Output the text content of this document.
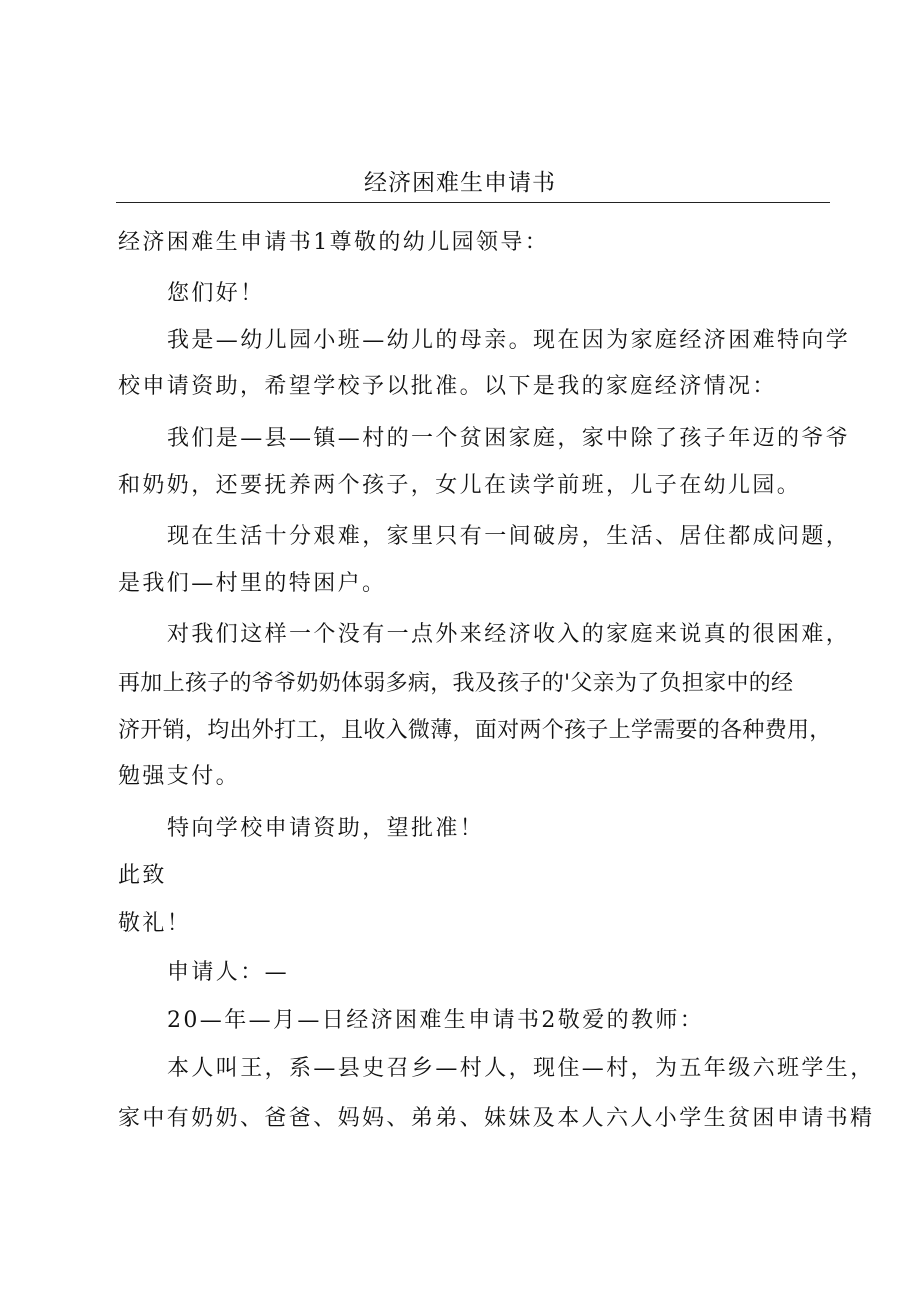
经济困难生申请书
经济困难生申请书1尊敬的幼儿园领导：
您们好！
我是—幼儿园小班—幼儿的母亲。现在因为家庭经济困难特向学
校申请资助，希望学校予以批准。以下是我的家庭经济情况：
我们是—县—镇—村的一个贫困家庭，家中除了孩子年迈的爷爷
和奶奶，还要抚养两个孩子，女儿在读学前班，儿子在幼儿园。
现在生活十分艰难，家里只有一间破房，生活、居住都成问题，
是我们—村里的特困户。
对我们这样一个没有一点外来经济收入的家庭来说真的很困难，
再加上孩子的爷爷奶奶体弱多病，我及孩子的'父亲为了负担家中的经
济开销，均出外打工，且收入微薄，面对两个孩子上学需要的各种费用，
勉强支付。
特向学校申请资助，望批准！
此致
敬礼！
申请人：—
20—年—月—日经济困难生申请书2敬爱的教师：
本人叫王，系—县史召乡—村人，现住—村，为五年级六班学生，
家中有奶奶、爸爸、妈妈、弟弟、妹妹及本人六人小学生贫困申请书精
